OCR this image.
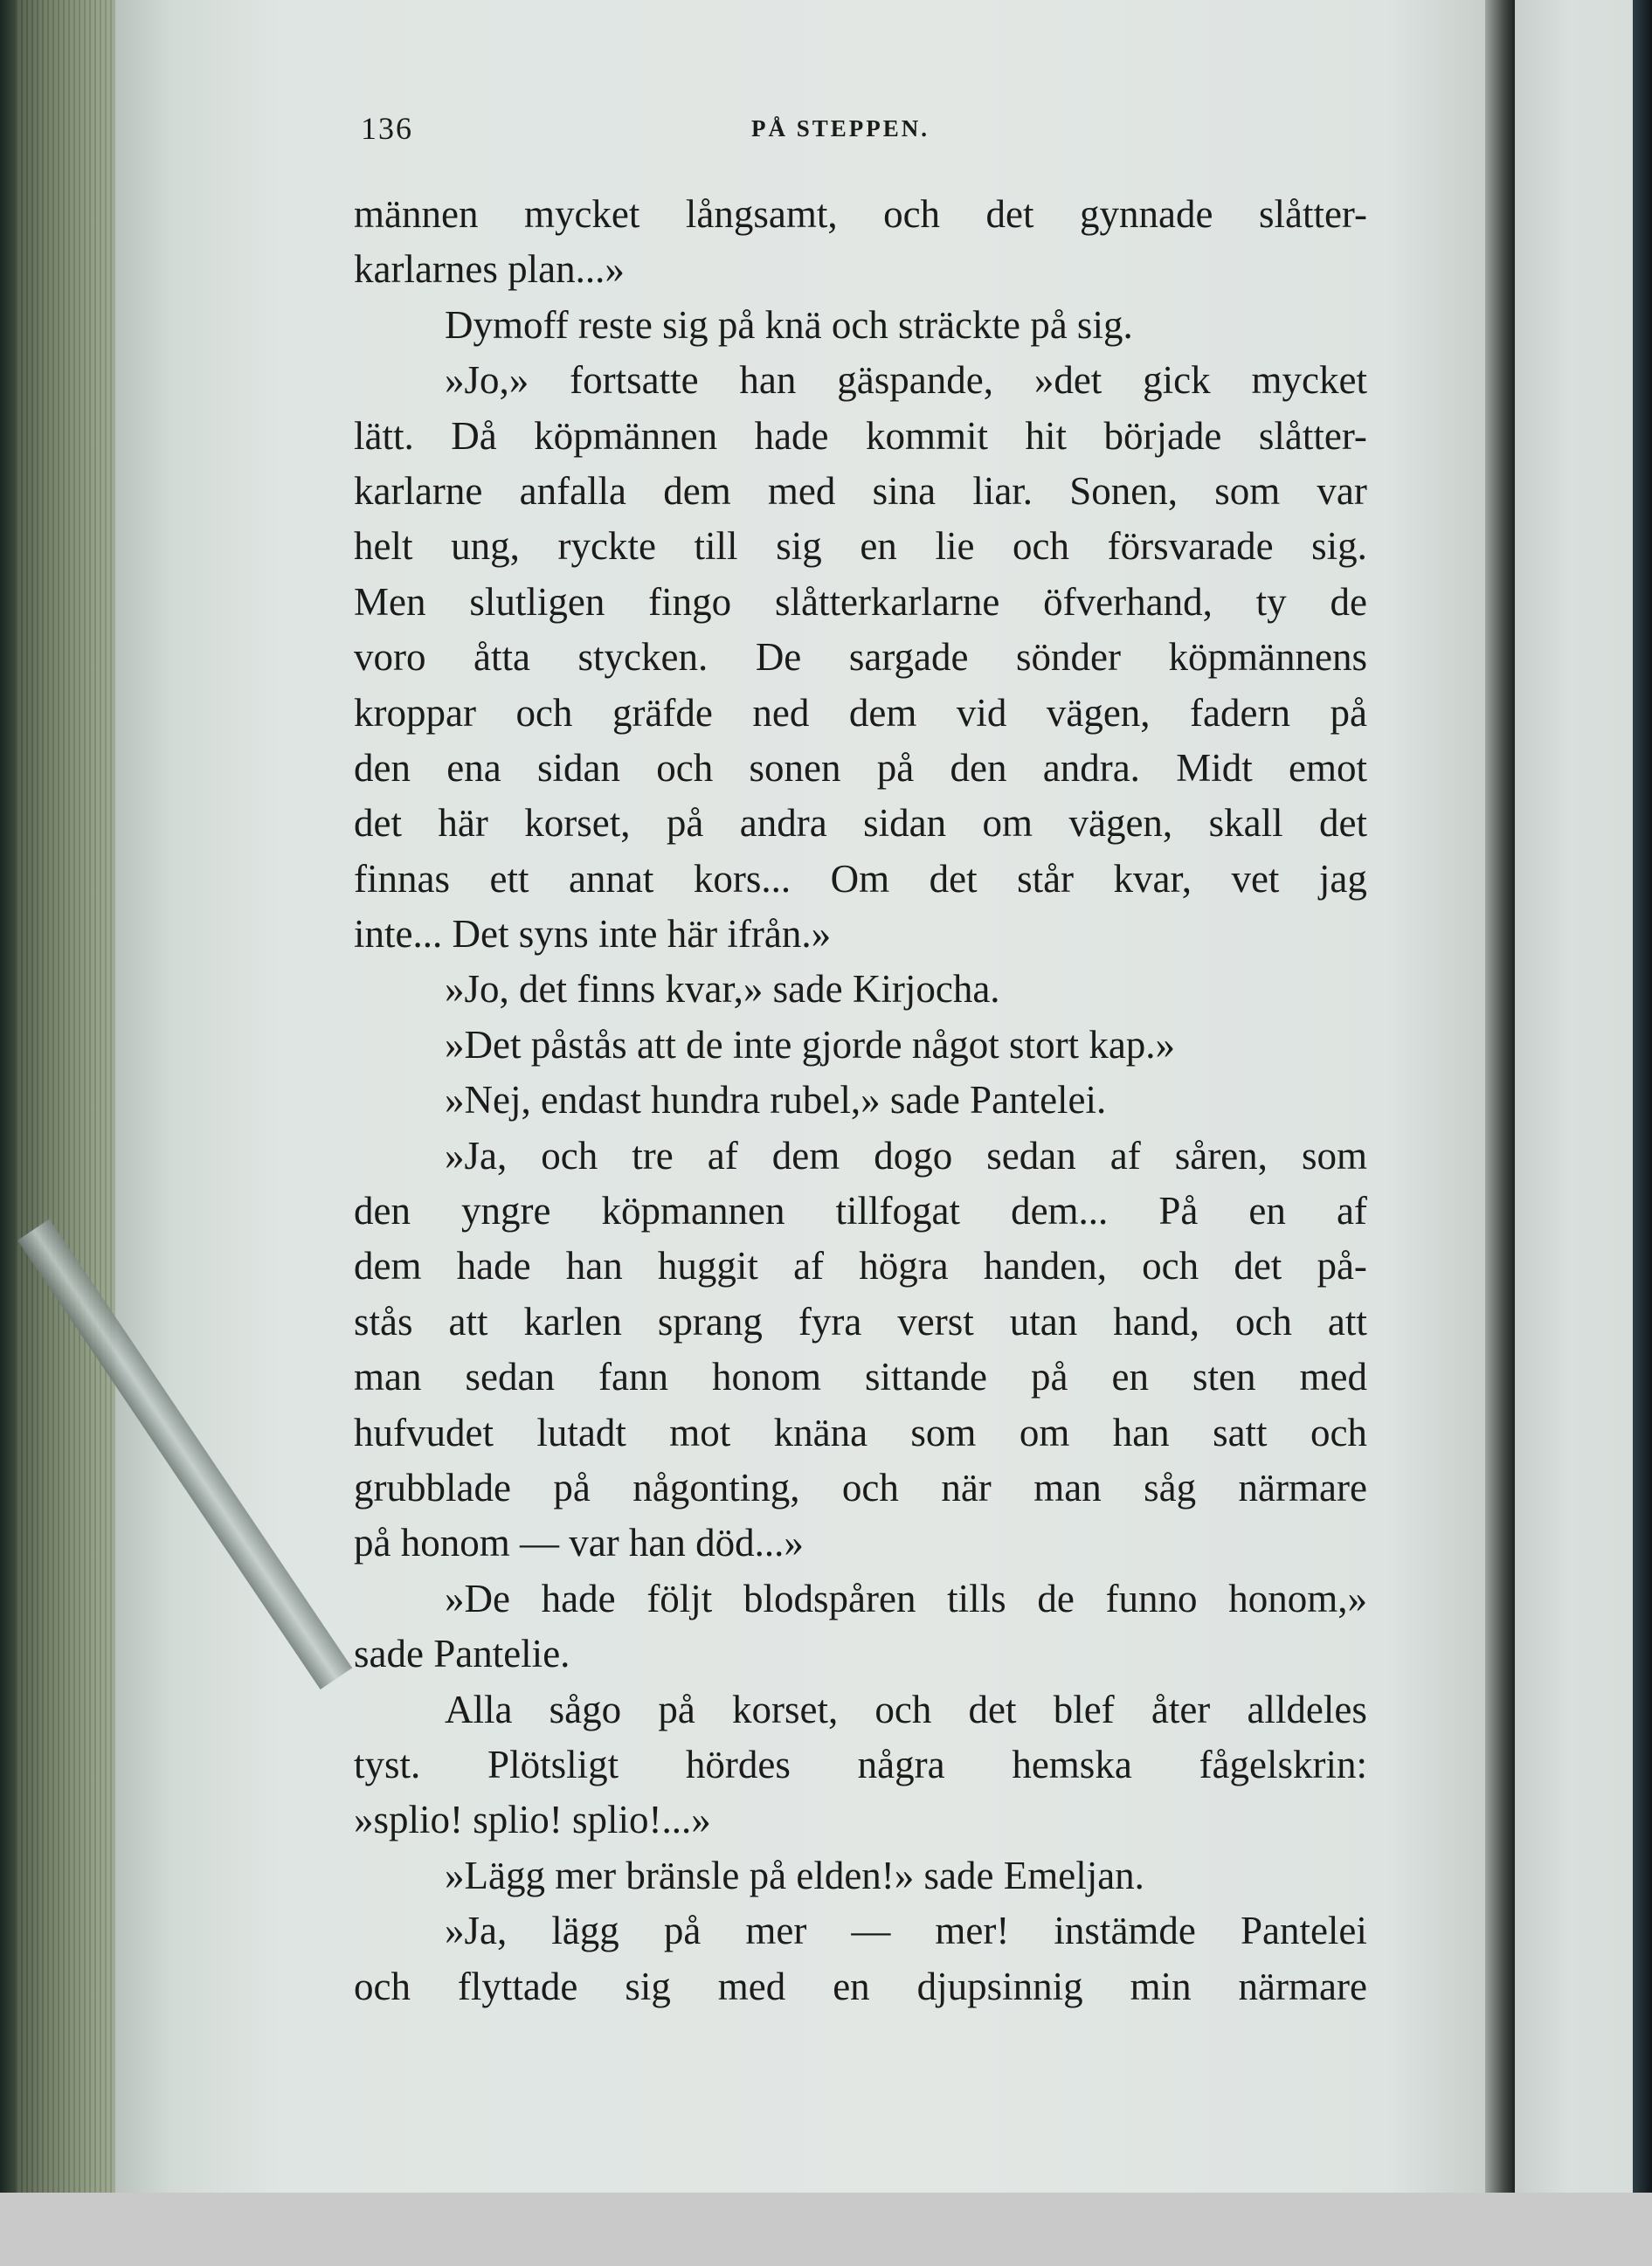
136	PÅ STEPPEN.
männen mycket långsamt, och det gynnade slåtter-
karlarnes plan...»
Dymoff reste sig på knä och sträckte på sig.
»Jo,» fortsatte han gäspande, »det gick mycket
lätt. Då köpmännen hade kommit hit började slåtter-
karlarne anfalla dem med sina liar. Sonen, som var
helt ung, ryckte till sig en lie och försvarade sig.
Men slutligen fingo slåtterkarlarne öfverhand, ty de
voro åtta stycken. De sargade sönder köpmännens
kroppar och gräfde ned dem vid vägen, fadern på
den ena sidan och sonen på den andra. Midt emot
det här korset, på andra sidan om vägen, skall det
finnas ett annat kors... Om det står kvar, vet jag
inte... Det syns inte här ifrån.»
»Jo, det finns kvar,» sade Kirjocha.
»Det påstås att de inte gjorde något stort kap.»
»Nej, endast hundra rubel,» sade Pantelei.
»Ja, och tre af dem dogo sedan af såren, som
den yngre köpmannen tillfogat dem... På en af
dem hade han huggit af högra handen, och det på-
stås att karlen sprang fyra verst utan hand, och att
man sedan fann honom sittande på en sten med
hufvudet lutadt mot knäna som om han satt och
grubblade på någonting, och när man såg närmare
på honom — var han död...»
»De hade följt blodspåren tills de funno honom,»
sade Pantelie.
Alla sågo på korset, och det blef åter alldeles
tyst. Plötsligt hördes några hemska fågelskrin:
»splio! splio! splio!...»
»Lägg mer bränsle på elden!» sade Emeljan.
»Ja, lägg på mer — mer! instämde Pantelei
och flyttade sig med en djupsinnig min närmare
